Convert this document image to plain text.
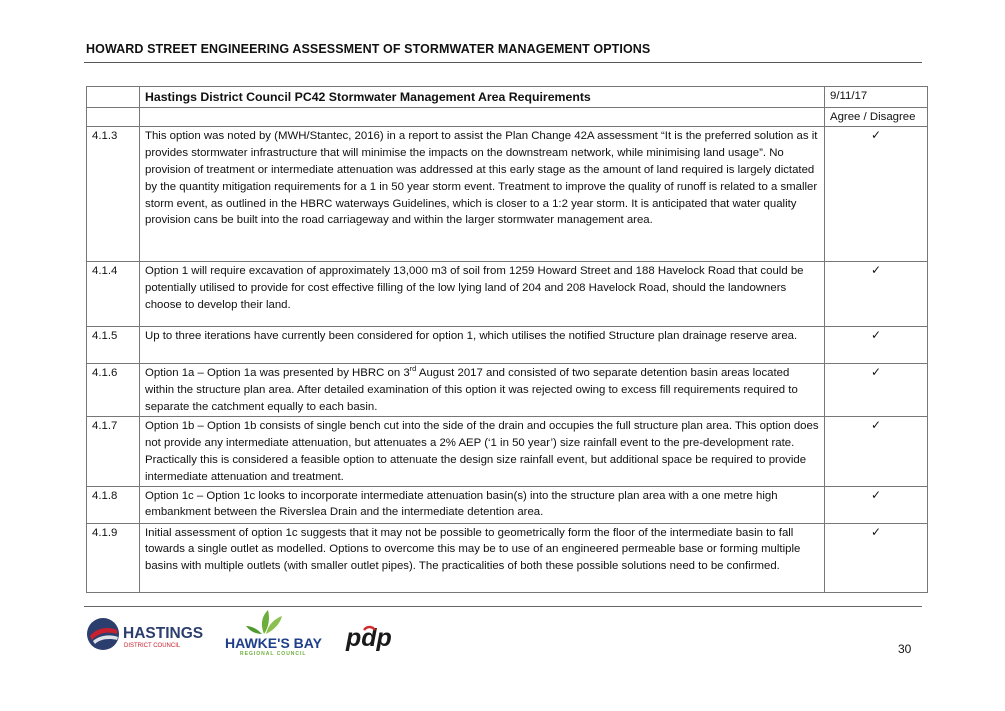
HOWARD STREET ENGINEERING ASSESSMENT OF STORMWATER MANAGEMENT OPTIONS
	Hastings District Council PC42 Stormwater Management Area Requirements	9/11/17
		Agree / Disagree
4.1.3	This option was noted by (MWH/Stantec, 2016) in a report to assist the Plan Change 42A assessment “It is the preferred solution as it provides stormwater infrastructure that will minimise the impacts on the downstream network, while minimising land usage”. No provision of treatment or intermediate attenuation was addressed at this early stage as the amount of land required is largely dictated by the quantity mitigation requirements for a 1 in 50 year storm event. Treatment to improve the quality of runoff is related to a smaller storm event, as outlined in the HBRC waterways Guidelines, which is closer to a 1:2 year storm. It is anticipated that water quality provision cans be built into the road carriageway and within the larger stormwater management area.	✓
4.1.4	Option 1 will require excavation of approximately 13,000 m3 of soil from 1259 Howard Street and 188 Havelock Road that could be potentially utilised to provide for cost effective filling of the low lying land of 204 and 208 Havelock Road, should the landowners choose to develop their land.	✓
4.1.5	Up to three iterations have currently been considered for option 1, which utilises the notified Structure plan drainage reserve area.	✓
4.1.6	Option 1a – Option 1a was presented by HBRC on 3rd August 2017 and consisted of two separate detention basin areas located within the structure plan area. After detailed examination of this option it was rejected owing to excess fill requirements required to separate the catchment equally to each basin.	✓
4.1.7	Option 1b – Option 1b consists of single bench cut into the side of the drain and occupies the full structure plan area. This option does not provide any intermediate attenuation, but attenuates a 2% AEP (‘1 in 50 year’) size rainfall event to the pre-development rate. Practically this is considered a feasible option to attenuate the design size rainfall event, but additional space be required to provide intermediate attenuation and treatment.	✓
4.1.8	Option 1c – Option 1c looks to incorporate intermediate attenuation basin(s) into the structure plan area with a one metre high embankment between the Riverslea Drain and the intermediate detention area.	✓
4.1.9	Initial assessment of option 1c suggests that it may not be possible to geometrically form the floor of the intermediate basin to fall towards a single outlet as modelled. Options to overcome this may be to use of an engineered permeable base or forming multiple basins with multiple outlets (with smaller outlet pipes). The practicalities of both these possible solutions need to be confirmed.	✓
HASTINGS
DISTRICT COUNCIL	HAWKE'S BAY
REGIONAL COUNCIL
pdp	30
